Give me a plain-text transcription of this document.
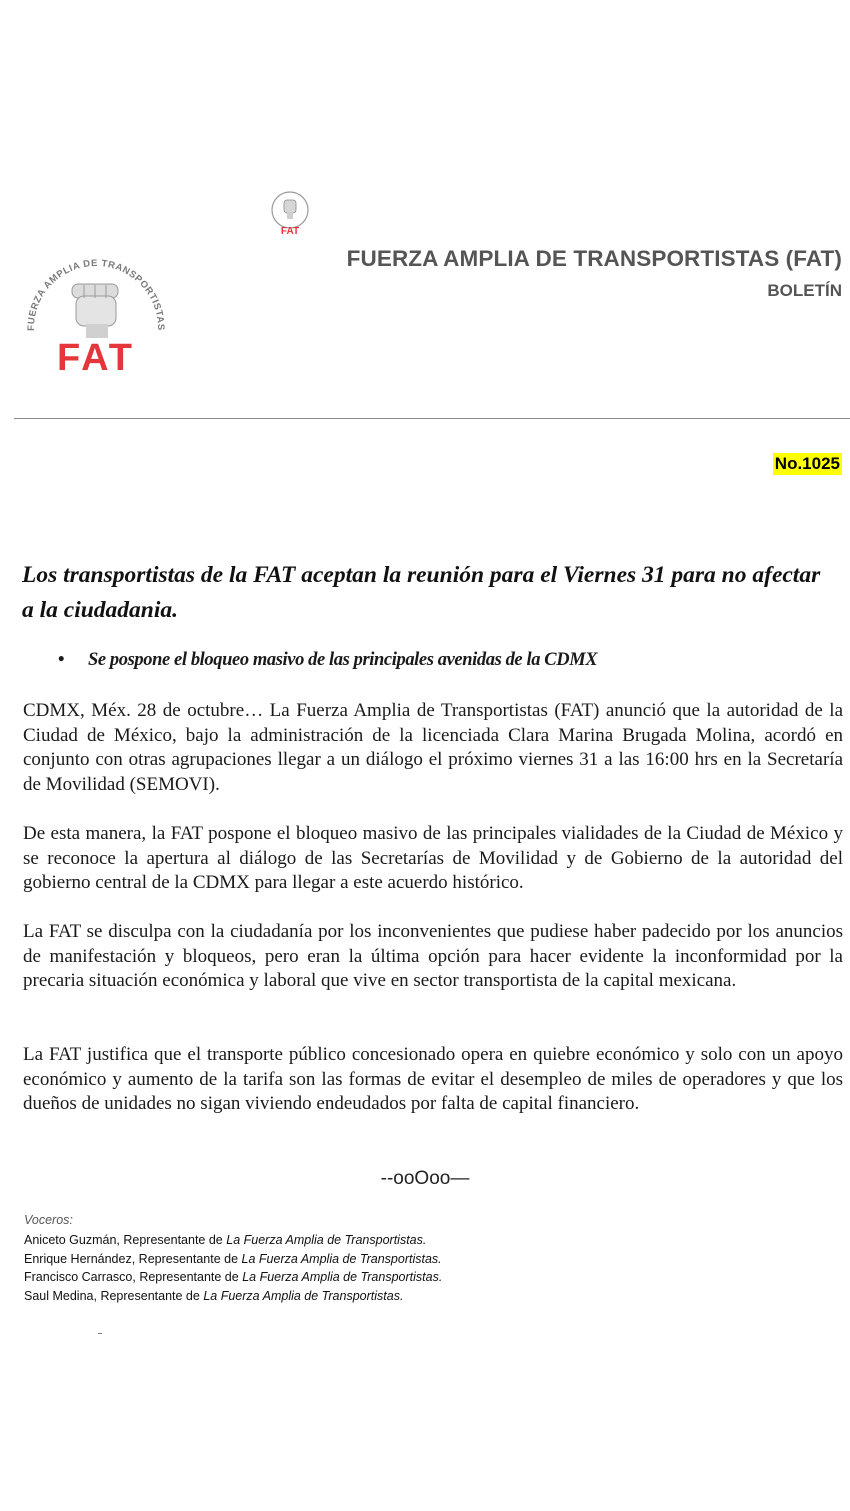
FAT
FUERZA AMPLIA DE TRANSPORTISTAS
FAT
FUERZA AMPLIA DE TRANSPORTISTAS (FAT)
BOLETÍN
No.1025
Los transportistas de la FAT aceptan la reunión para el Viernes 31 para no afectar a la ciudadania.

• Se pospone el bloqueo masivo de las principales avenidas de la CDMX

CDMX, Méx. 28 de octubre… La Fuerza Amplia de Transportistas (FAT) anunció que la autoridad de la Ciudad de México, bajo la administración de la licenciada Clara Marina Brugada Molina, acordó en conjunto con otras agrupaciones llegar a un diálogo el próximo viernes 31 a las 16:00 hrs en la Secretaría de Movilidad (SEMOVI).

De esta manera, la FAT pospone el bloqueo masivo de las principales vialidades de la Ciudad de México y se reconoce la apertura al diálogo de las Secretarías de Movilidad y de Gobierno de la autoridad del gobierno central de la CDMX para llegar a este acuerdo histórico.

La FAT se disculpa con la ciudadanía por los inconvenientes que pudiese haber padecido por los anuncios de manifestación y bloqueos, pero eran la última opción para hacer evidente la inconformidad por la precaria situación económica y laboral que vive en sector transportista de la capital mexicana.

La FAT justifica que el transporte público concesionado opera en quiebre económico y solo con un apoyo económico y aumento de la tarifa son las formas de evitar el desempleo de miles de operadores y que los dueños de unidades no sigan viviendo endeudados por falta de capital financiero.

--ooOoo—

Voceros:

Aniceto Guzmán, Representante de La Fuerza Amplia de Transportistas.
Enrique Hernández, Representante de La Fuerza Amplia de Transportistas.
Francisco Carrasco, Representante de La Fuerza Amplia de Transportistas.
Saul Medina, Representante de La Fuerza Amplia de Transportistas.
